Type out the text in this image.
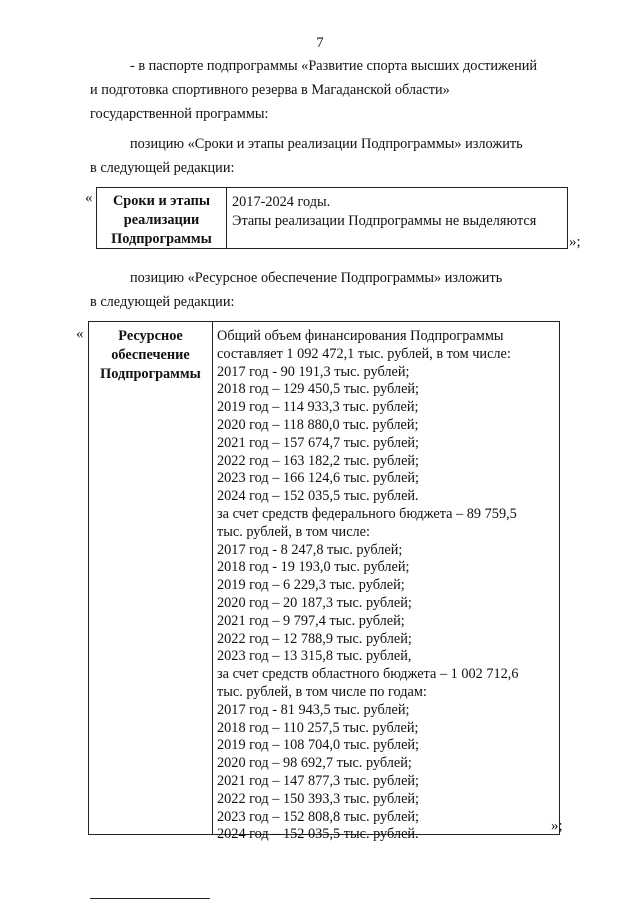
7
- в паспорте подпрограммы «Развитие спорта высших достижений
и подготовка спортивного резерва в Магаданской области»
государственной программы:
позицию «Сроки и этапы реализации Подпрограммы» изложить
в следующей редакции:
«	Сроки и этапы
реализации
Подпрограммы
2017-2024 годы.
Этапы реализации Подпрограммы не выделяются
»;
позицию «Ресурсное обеспечение Подпрограммы» изложить
в следующей редакции:
«	Ресурсное
обеспечение
Подпрограммы
Общий объем финансирования Подпрограммы
составляет 1 092 472,1 тыс. рублей, в том числе:
2017 год - 90 191,3 тыс. рублей;
2018 год – 129 450,5 тыс. рублей;
2019 год – 114 933,3 тыс. рублей;
2020 год – 118 880,0 тыс. рублей;
2021 год – 157 674,7 тыс. рублей;
2022 год – 163 182,2 тыс. рублей;
2023 год – 166 124,6 тыс. рублей;
2024 год – 152 035,5 тыс. рублей.
за счет средств федерального бюджета – 89 759,5
тыс. рублей, в том числе:
2017 год - 8 247,8 тыс. рублей;
2018 год - 19 193,0 тыс. рублей;
2019 год – 6 229,3 тыс. рублей;
2020 год – 20 187,3 тыс. рублей;
2021 год – 9 797,4 тыс. рублей;
2022 год – 12 788,9 тыс. рублей;
2023 год – 13 315,8 тыс. рублей,
за счет средств областного бюджета – 1 002 712,6
тыс. рублей, в том числе по годам:
2017 год - 81 943,5 тыс. рублей;
2018 год – 110 257,5 тыс. рублей;
2019 год – 108 704,0 тыс. рублей;
2020 год – 98 692,7 тыс. рублей;
2021 год – 147 877,3 тыс. рублей;
2022 год – 150 393,3 тыс. рублей;
2023 год – 152 808,8 тыс. рублей;
2024 год – 152 035,5 тыс. рублей.
»;
